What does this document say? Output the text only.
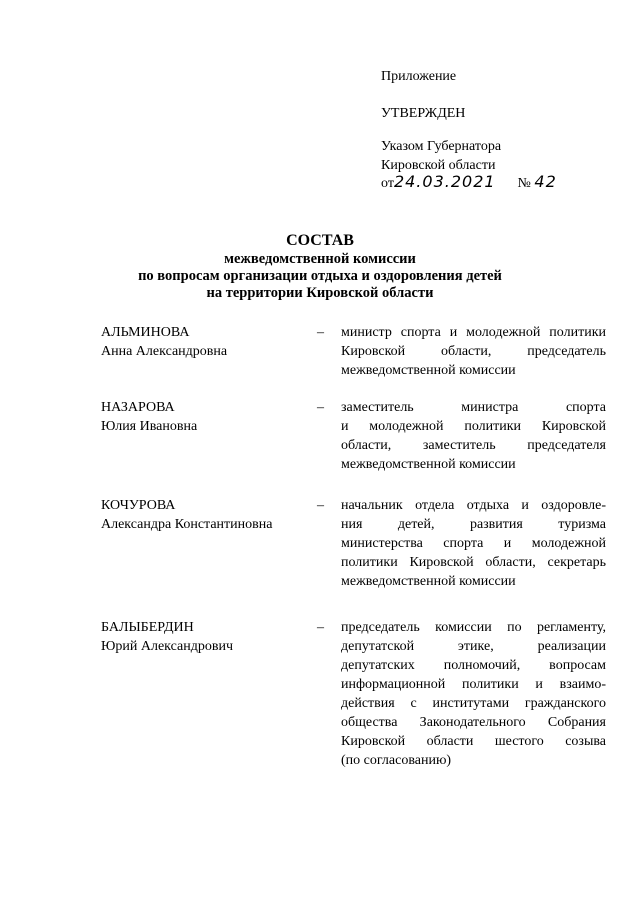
Приложение
УТВЕРЖДЕН
Указом Губернатора
Кировской области
от24.03.2021 № 42
СОСТАВ
межведомственной комиссии
по вопросам организации отдыха и оздоровления детей
на территории Кировской области
АЛЬМИНОВА
Анна Александровна
– министр спорта и молодежной политики
Кировской области, председатель
межведомственной комиссии
НАЗАРОВА
Юлия Ивановна
– заместитель министра спорта
и молодежной политики Кировской
области, заместитель председателя
межведомственной комиссии
КОЧУРОВА
Александра Константиновна
– начальник отдела отдыха и оздоровле-
ния детей, развития туризма
министерства спорта и молодежной
политики Кировской области, секретарь
межведомственной комиссии
БАЛЫБЕРДИН
Юрий Александрович
– председатель комиссии по регламенту,
депутатской этике, реализации
депутатских полномочий, вопросам
информационной политики и взаимо-
действия с институтами гражданского
общества Законодательного Собрания
Кировской области шестого созыва
(по согласованию)
